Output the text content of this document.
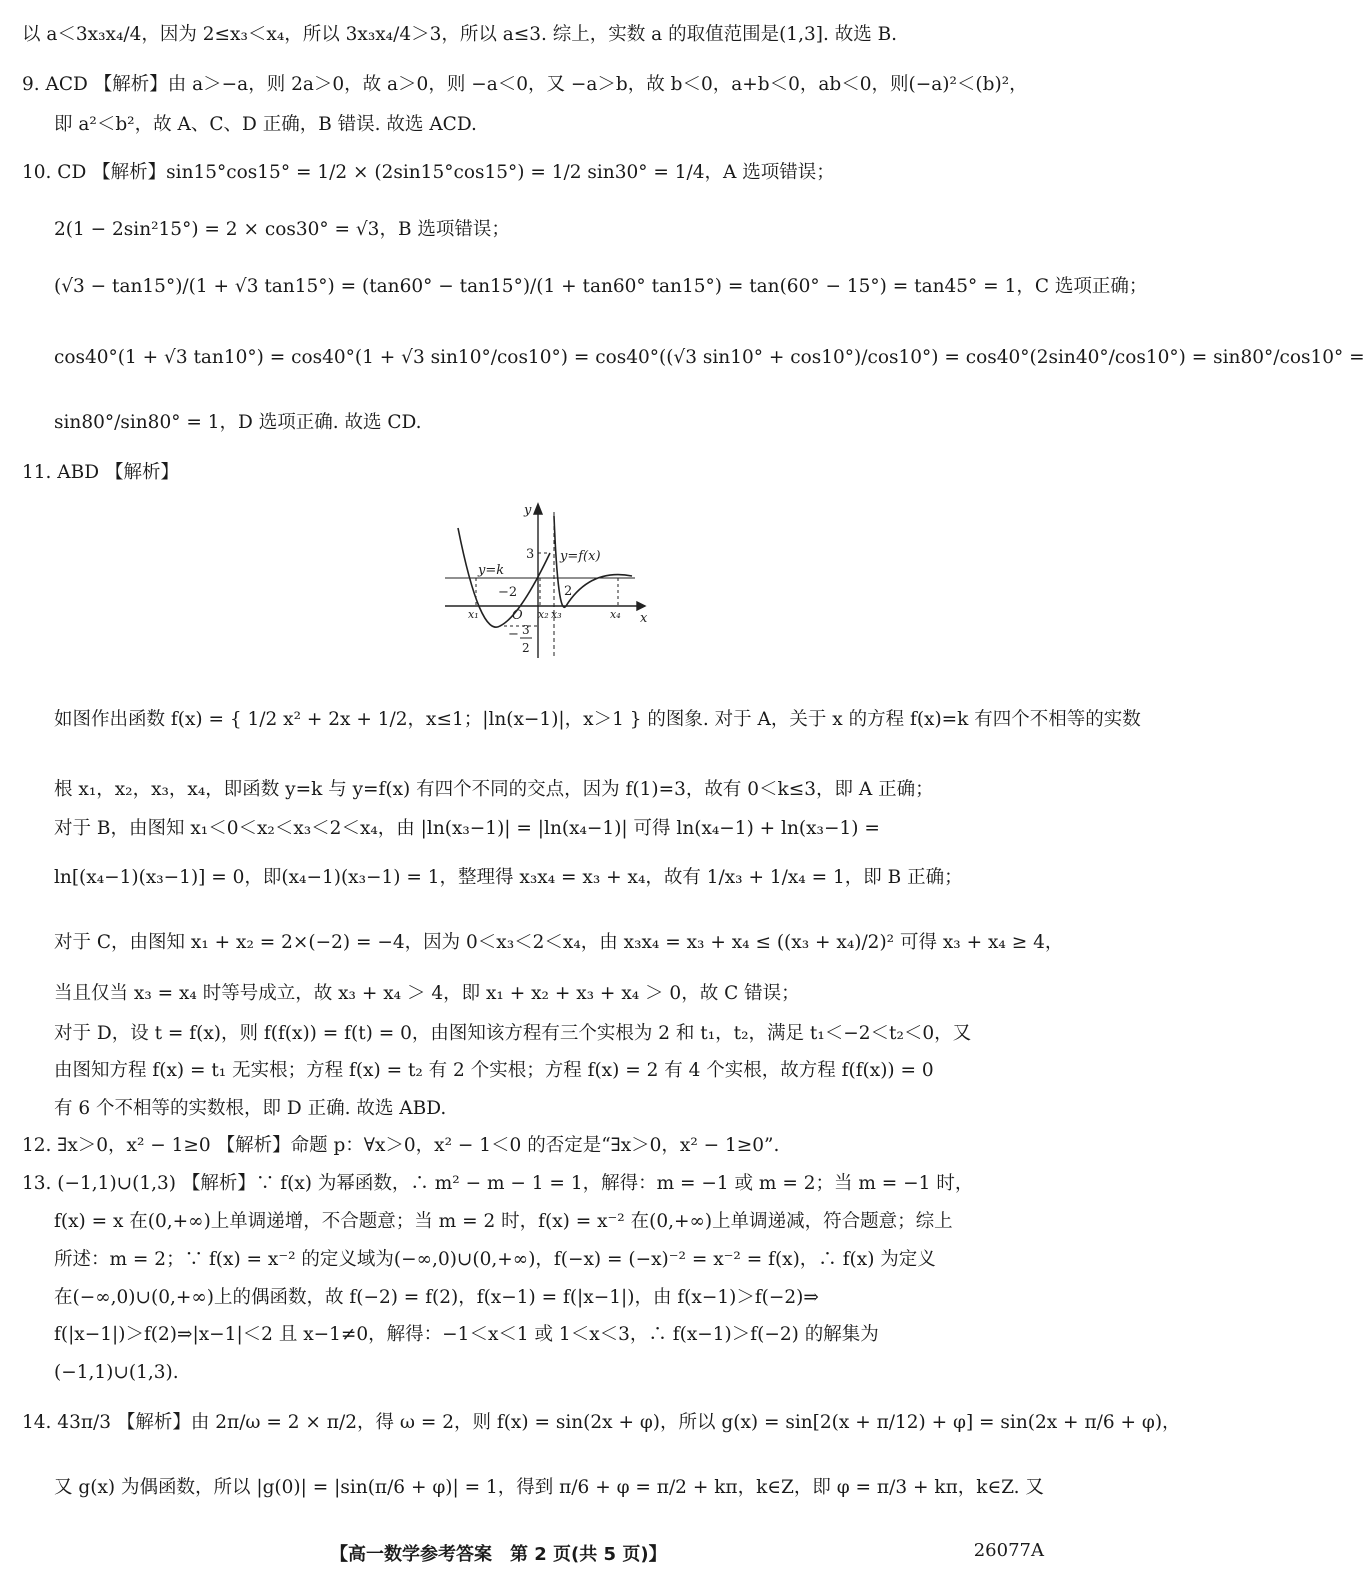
以 a＜3x₃x₄/4，因为 2≤x₃＜x₄，所以 3x₃x₄/4＞3，所以 a≤3. 综上，实数 a 的取值范围是(1,3]. 故选 B.
9. ACD 【解析】由 a＞−a，则 2a＞0，故 a＞0，则 −a＜0，又 −a＞b，故 b＜0，a+b＜0，ab＜0，则(−a)²＜(b)²，
即 a²＜b²，故 A、C、D 正确，B 错误. 故选 ACD.
10. CD 【解析】sin15°cos15° = 1/2 × (2sin15°cos15°) = 1/2 sin30° = 1/4，A 选项错误；
2(1 − 2sin²15°) = 2 × cos30° = √3，B 选项错误；
(√3 − tan15°)/(1 + √3 tan15°) = (tan60° − tan15°)/(1 + tan60° tan15°) = tan(60° − 15°) = tan45° = 1，C 选项正确；
cos40°(1 + √3 tan10°) = cos40°(1 + √3 sin10°/cos10°) = cos40°((√3 sin10° + cos10°)/cos10°) = cos40°(2sin40°/cos10°) = sin80°/cos10° =
sin80°/sin80° = 1，D 选项正确. 故选 CD.
11. ABD 【解析】
y
x
y=f(x)
y=k
O
x₁	x₂ x₃	x₄
3
−2	2
− 3
2
如图作出函数 f(x) = { 1/2 x² + 2x + 1/2，x≤1；|ln(x−1)|，x＞1 } 的图象. 对于 A，关于 x 的方程 f(x)=k 有四个不相等的实数
根 x₁，x₂，x₃，x₄，即函数 y=k 与 y=f(x) 有四个不同的交点，因为 f(1)=3，故有 0＜k≤3，即 A 正确；
对于 B，由图知 x₁＜0＜x₂＜x₃＜2＜x₄，由 |ln(x₃−1)| = |ln(x₄−1)| 可得 ln(x₄−1) + ln(x₃−1) =
ln[(x₄−1)(x₃−1)] = 0，即(x₄−1)(x₃−1) = 1，整理得 x₃x₄ = x₃ + x₄，故有 1/x₃ + 1/x₄ = 1，即 B 正确；
对于 C，由图知 x₁ + x₂ = 2×(−2) = −4，因为 0＜x₃＜2＜x₄，由 x₃x₄ = x₃ + x₄ ≤ ((x₃ + x₄)/2)² 可得 x₃ + x₄ ≥ 4，
当且仅当 x₃ = x₄ 时等号成立，故 x₃ + x₄ ＞ 4，即 x₁ + x₂ + x₃ + x₄ ＞ 0，故 C 错误；
对于 D，设 t = f(x)，则 f(f(x)) = f(t) = 0，由图知该方程有三个实根为 2 和 t₁，t₂，满足 t₁＜−2＜t₂＜0，又
由图知方程 f(x) = t₁ 无实根；方程 f(x) = t₂ 有 2 个实根；方程 f(x) = 2 有 4 个实根，故方程 f(f(x)) = 0
有 6 个不相等的实数根，即 D 正确. 故选 ABD.
12. ∃x＞0，x² − 1≥0 【解析】命题 p：∀x＞0，x² − 1＜0 的否定是“∃x＞0，x² − 1≥0”.
13. (−1,1)∪(1,3) 【解析】∵ f(x) 为幂函数，∴ m² − m − 1 = 1，解得：m = −1 或 m = 2；当 m = −1 时，
f(x) = x 在(0,+∞)上单调递增，不合题意；当 m = 2 时，f(x) = x⁻² 在(0,+∞)上单调递减，符合题意；综上
所述：m = 2；∵ f(x) = x⁻² 的定义域为(−∞,0)∪(0,+∞)，f(−x) = (−x)⁻² = x⁻² = f(x)，∴ f(x) 为定义
在(−∞,0)∪(0,+∞)上的偶函数，故 f(−2) = f(2)，f(x−1) = f(|x−1|)，由 f(x−1)＞f(−2)⇒
f(|x−1|)＞f(2)⇒|x−1|＜2 且 x−1≠0，解得：−1＜x＜1 或 1＜x＜3，∴ f(x−1)＞f(−2) 的解集为
(−1,1)∪(1,3).
14. 43π/3 【解析】由 2π/ω = 2 × π/2，得 ω = 2，则 f(x) = sin(2x + φ)，所以 g(x) = sin[2(x + π/12) + φ] = sin(2x + π/6 + φ)，
又 g(x) 为偶函数，所以 |g(0)| = |sin(π/6 + φ)| = 1，得到 π/6 + φ = π/2 + kπ，k∈Z，即 φ = π/3 + kπ，k∈Z. 又
【高一数学参考答案　第 2 页(共 5 页)】	26077A
